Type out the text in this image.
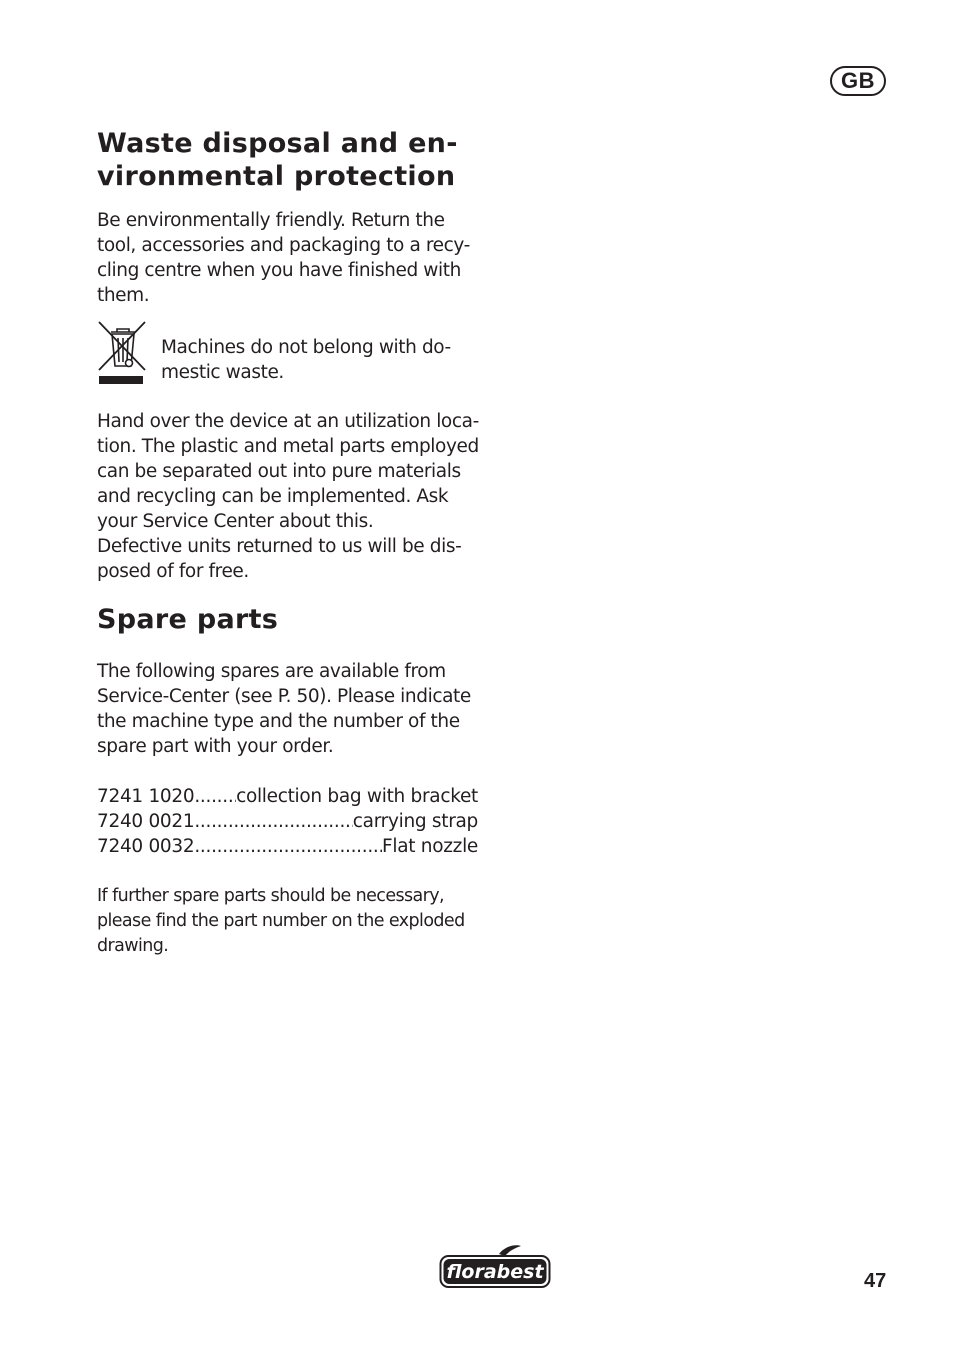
GB
Waste disposal and en-
vironmental protection
Be environmentally friendly. Return the
tool, accessories and packaging to a recy-
cling centre when you have finished with
them.
Machines do not belong with do-
mestic waste.
Hand over the device at an utilization loca-
tion. The plastic and metal parts employed
can be separated out into pure materials
and recycling can be implemented. Ask
your Service Center about this.
Defective units returned to us will be dis-
posed of for free.
Spare parts
The following spares are available from
Service-Center (see P. 50). Please indicate
the machine type and the number of the
spare part with your order.
7241 1020 ..... collection bag with bracket
7240 0021 .....	carrying strap
7240 0032 .....	Flat nozzle
If further spare parts should be necessary,
please find the part number on the exploded
drawing.
florabest	47
